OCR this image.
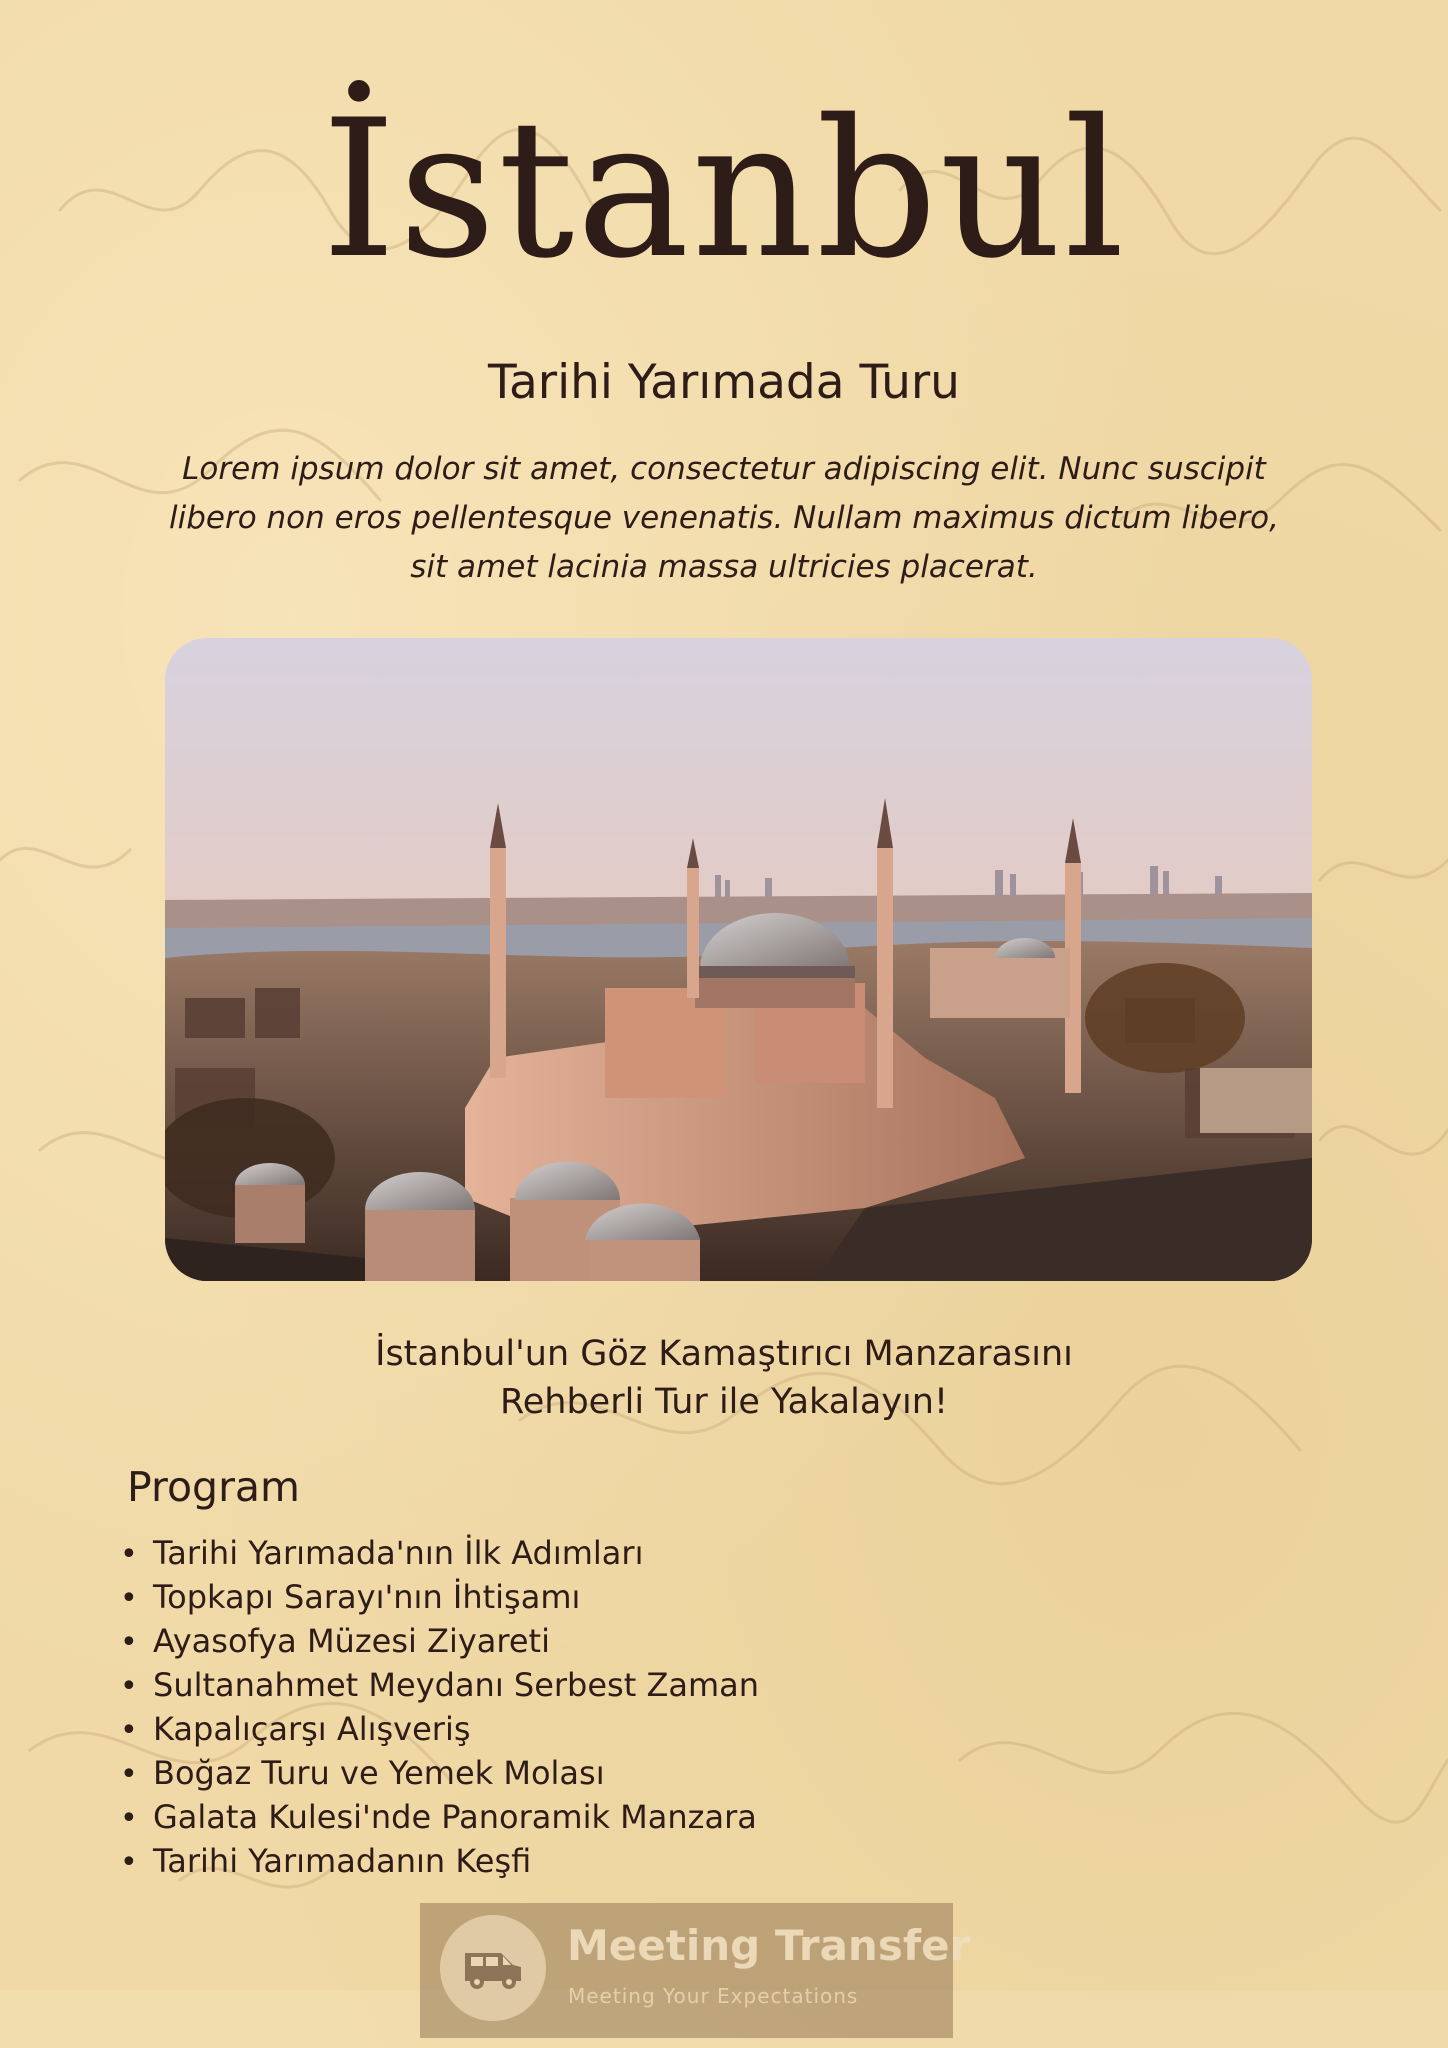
İstanbul
Tarihi Yarımada Turu
Lorem ipsum dolor sit amet, consectetur adipiscing elit. Nunc suscipit
libero non eros pellentesque venenatis. Nullam maximus dictum libero,
sit amet lacinia massa ultricies placerat.
İstanbul'un Göz Kamaştırıcı Manzarasını
Rehberli Tur ile Yakalayın!
Program
• Tarihi Yarımada'nın İlk Adımları
• Topkapı Sarayı'nın İhtişamı
• Ayasofya Müzesi Ziyareti
• Sultanahmet Meydanı Serbest Zaman
• Kapalıçarşı Alışveriş
• Boğaz Turu ve Yemek Molası
• Galata Kulesi'nde Panoramik Manzara
• Tarihi Yarımadanın Keşfi
Meeting Transfer
Meeting Your Expectations
